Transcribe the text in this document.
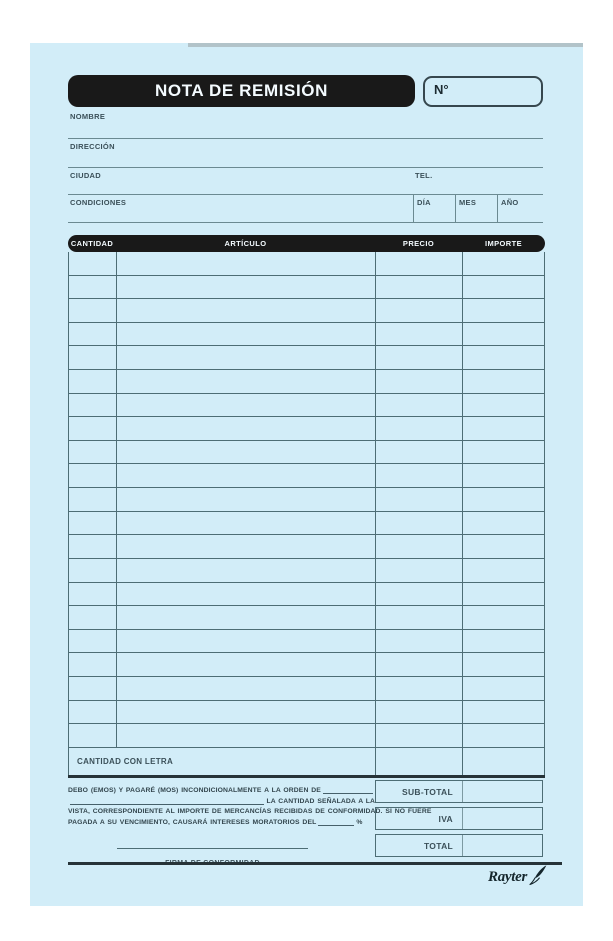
NOTA DE REMISIÓN	N°
NOMBRE
DIRECCIÓN
CIUDAD	TEL.
CONDICIONES	DÍA	MES	AÑO
CANTIDAD	ARTÍCULO	PRECIO	IMPORTE
CANTIDAD CON LETRA
DEBO (EMOS) Y PAGARÉ (MOS) INCONDICIONALMENTE A LA ORDEN DE
LA CANTIDAD SEÑALADA A LA
VISTA, CORRESPONDIENTE AL IMPORTE DE MERCANCÍAS RECIBIDAS DE CONFORMIDAD. SI NO FUERE
PAGADA A SU VENCIMIENTO, CAUSARÁ INTERESES MORATORIOS DEL	%
SUB-TOTAL
IVA
TOTAL
Rayter
